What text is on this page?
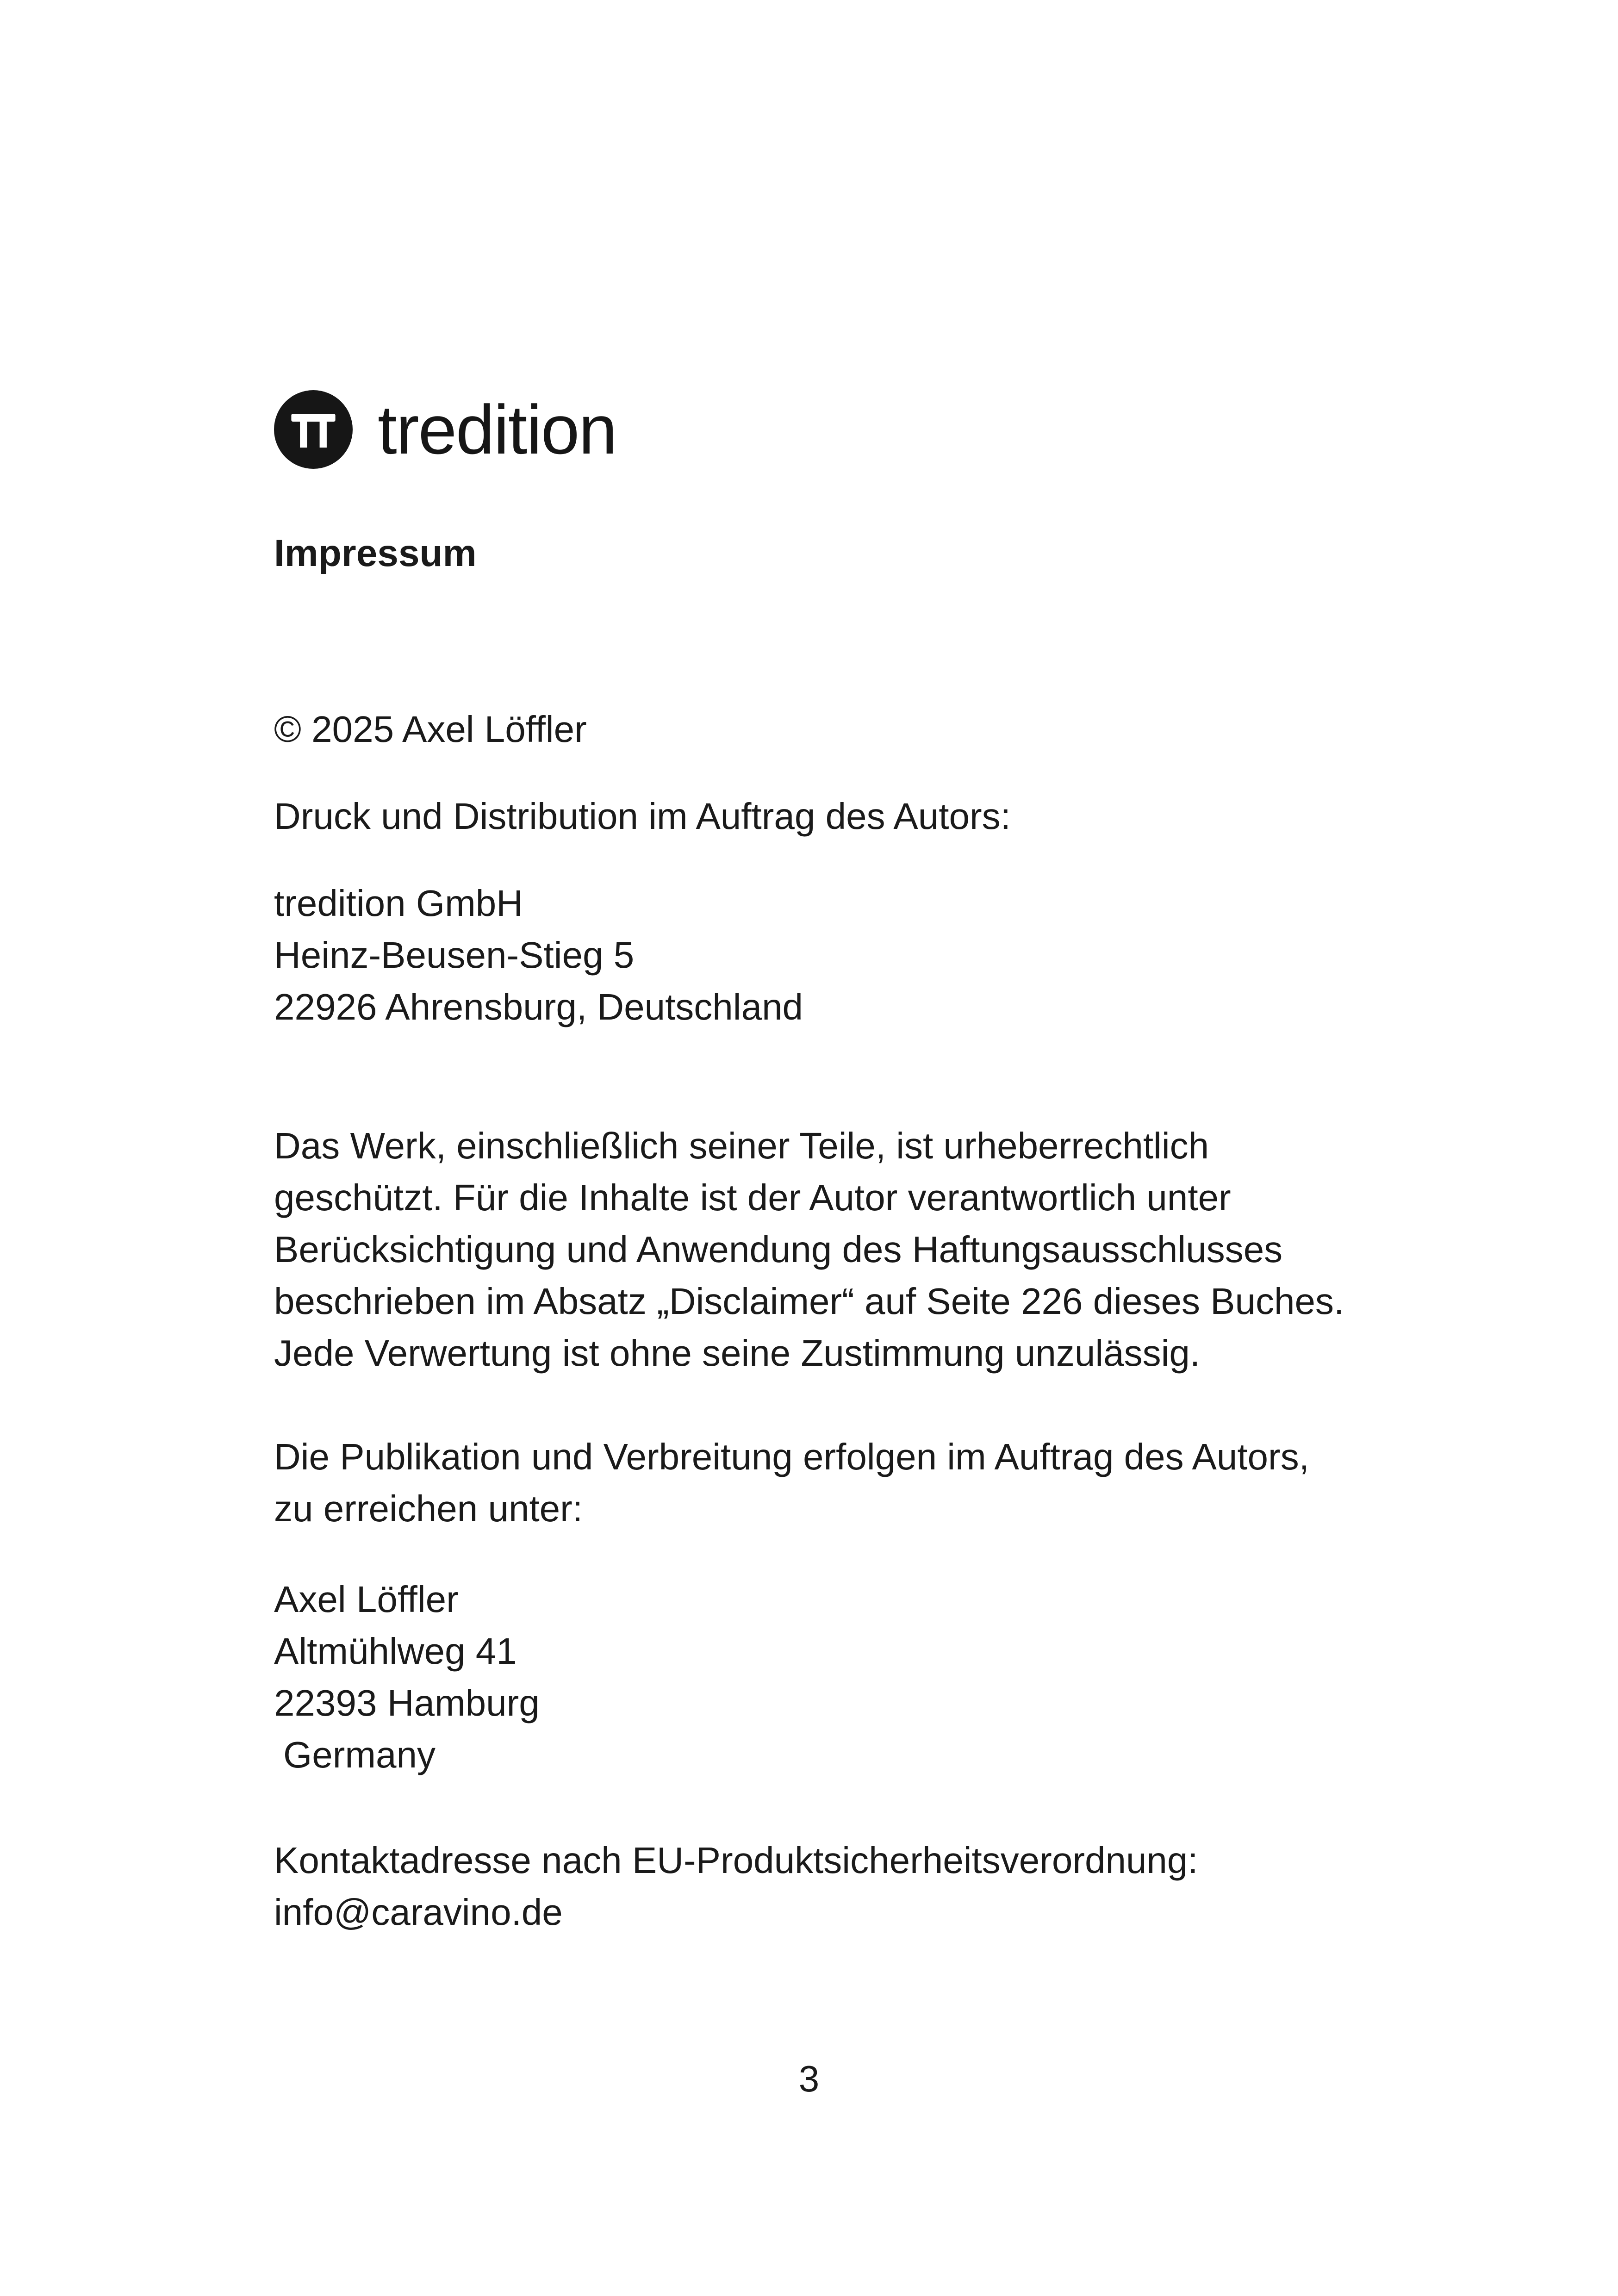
tredition
Impressum
© 2025 Axel Löffler
Druck und Distribution im Auftrag des Autors:
tredition GmbH
Heinz-Beusen-Stieg 5
22926 Ahrensburg, Deutschland
Das Werk, einschließlich seiner Teile, ist urheberrechtlich
geschützt. Für die Inhalte ist der Autor verantwortlich unter
Berücksichtigung und Anwendung des Haftungsausschlusses
beschrieben im Absatz „Disclaimer“ auf Seite 226 dieses Buches.
Jede Verwertung ist ohne seine Zustimmung unzulässig.
Die Publikation und Verbreitung erfolgen im Auftrag des Autors,
zu erreichen unter:
Axel Löffler
Altmühlweg 41
22393 Hamburg
Germany
Kontaktadresse nach EU-Produktsicherheitsverordnung:
info@caravino.de
3
